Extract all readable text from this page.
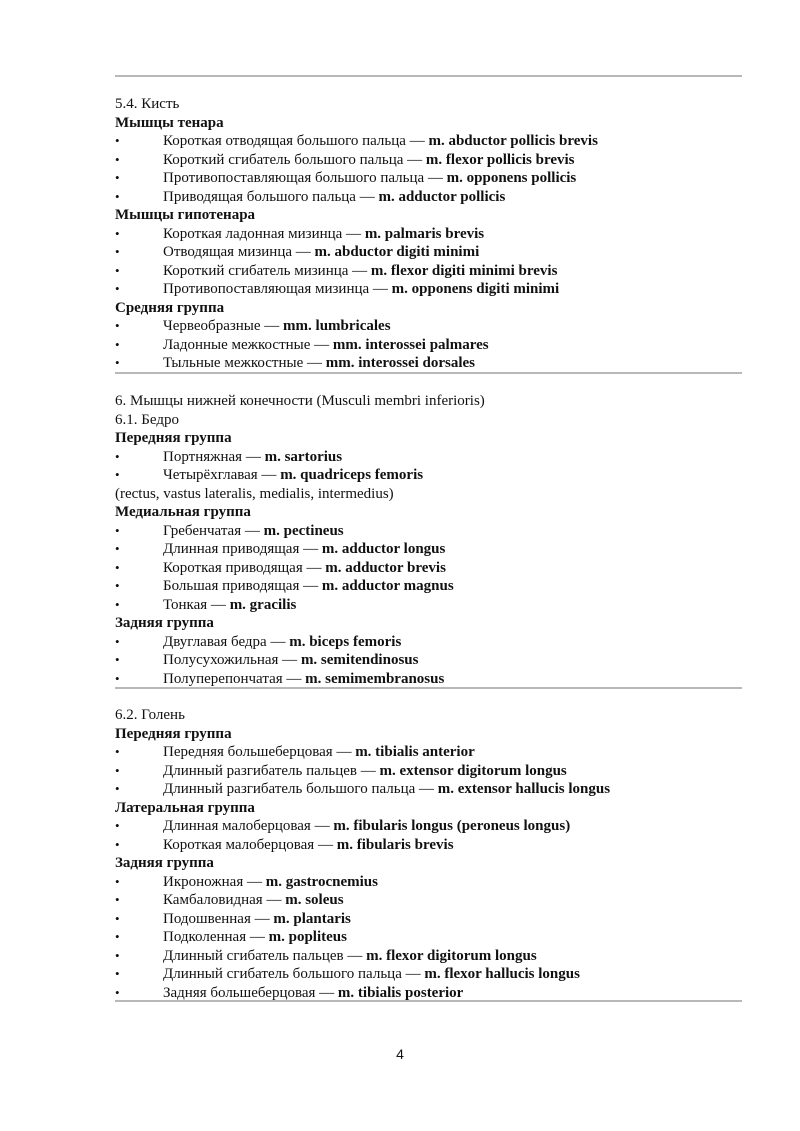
5.4. Кисть
Мышцы тенара
•	Короткая отводящая большого пальца — m. abductor pollicis brevis
•	Короткий сгибатель большого пальца — m. flexor pollicis brevis
•	Противопоставляющая большого пальца — m. opponens pollicis
•	Приводящая большого пальца — m. adductor pollicis
Мышцы гипотенара
•	Короткая ладонная мизинца — m. palmaris brevis
•	Отводящая мизинца — m. abductor digiti minimi
•	Короткий сгибатель мизинца — m. flexor digiti minimi brevis
•	Противопоставляющая мизинца — m. opponens digiti minimi
Средняя группа
•	Червеобразные — mm. lumbricales
•	Ладонные межкостные — mm. interossei palmares
•	Тыльные межкостные — mm. interossei dorsales
6. Мышцы нижней конечности (Musculi membri inferioris)
6.1. Бедро
Передняя группа
•	Портняжная — m. sartorius
•	Четырёхглавая — m. quadriceps femoris

(rectus, vastus lateralis, medialis, intermedius)

Медиальная группа
•	Гребенчатая — m. pectineus
•	Длинная приводящая — m. adductor longus
•	Короткая приводящая — m. adductor brevis
•	Большая приводящая — m. adductor magnus
•	Тонкая — m. gracilis
Задняя группа
•	Двуглавая бедра — m. biceps femoris
•	Полусухожильная — m. semitendinosus
•	Полуперепончатая — m. semimembranosus
6.2. Голень
Передняя группа
•	Передняя большеберцовая — m. tibialis anterior
•	Длинный разгибатель пальцев — m. extensor digitorum longus
•	Длинный разгибатель большого пальца — m. extensor hallucis longus
Латеральная группа
•	Длинная малоберцовая — m. fibularis longus (peroneus longus)
•	Короткая малоберцовая — m. fibularis brevis
Задняя группа
•	Икроножная — m. gastrocnemius
•	Камбаловидная — m. soleus
•	Подошвенная — m. plantaris
•	Подколенная — m. popliteus
•	Длинный сгибатель пальцев — m. flexor digitorum longus
•	Длинный сгибатель большого пальца — m. flexor hallucis longus
•	Задняя большеберцовая — m. tibialis posterior
4
